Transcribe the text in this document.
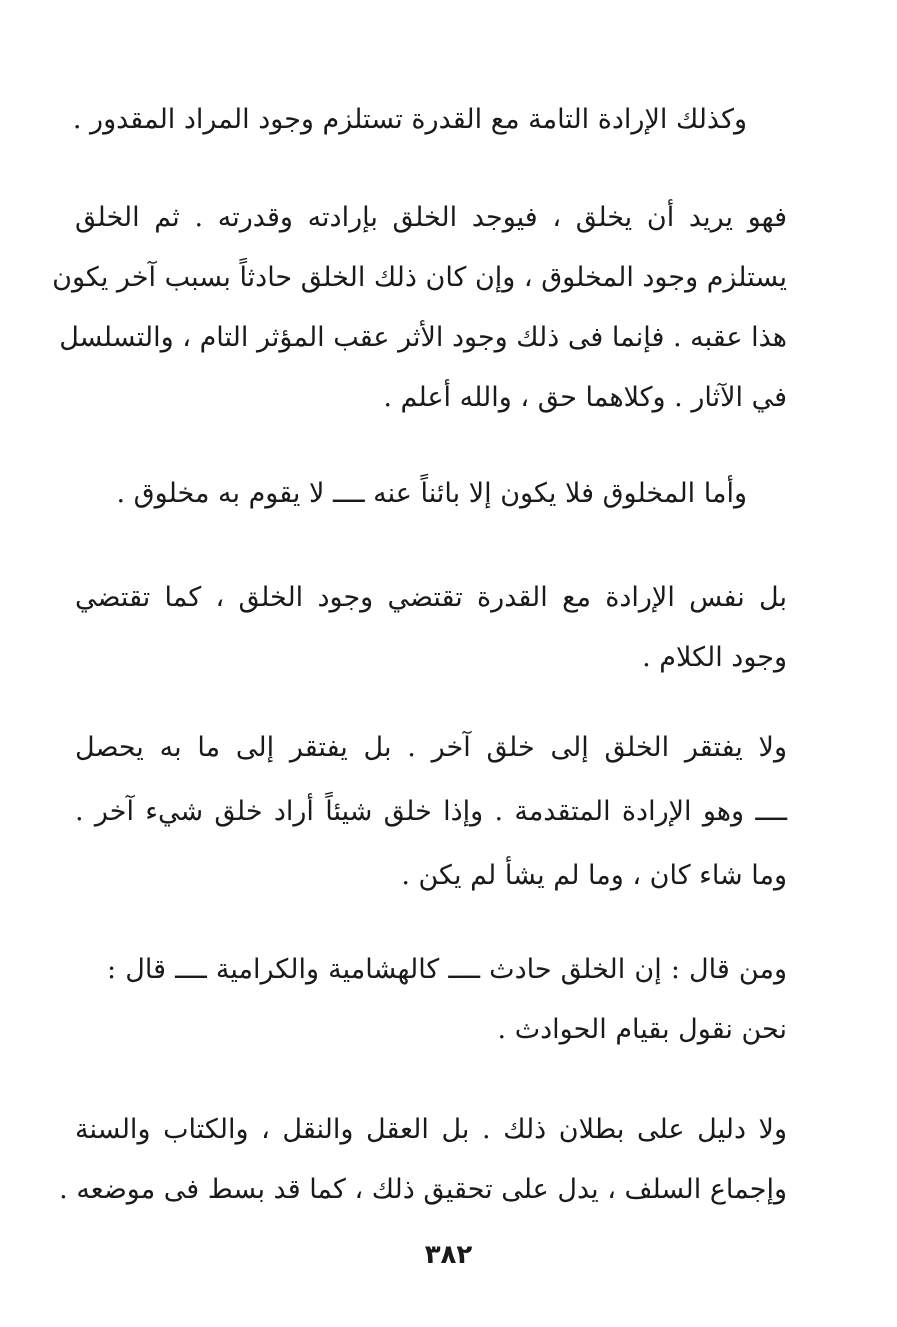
وكذلك الإرادة التامة مع القدرة تستلزم وجود المراد المقدور .
فهو يريد أن يخلق ، فيوجد الخلق بإرادته وقدرته . ثم الخلق
يستلزم وجود المخلوق ، وإن كان ذلك الخلق حادثاً بسبب آخر يكون
هذا عقبه . فإنما فى ذلك وجود الأثر عقب المؤثر التام ، والتسلسل
في الآثار . وكلاهما حق ، والله أعلم .
وأما المخلوق فلا يكون إلا بائناً عنه ــــ لا يقوم به مخلوق .
بل نفس الإرادة مع القدرة تقتضي وجود الخلق ، كما تقتضي
وجود الكلام .
ولا يفتقر الخلق إلى خلق آخر . بل يفتقر إلى ما به يحصل
ــــ وهو الإرادة المتقدمة . وإذا خلق شيئاً أراد خلق شيء آخر .
وما شاء كان ، وما لم يشأ لم يكن .
ومن قال : إن الخلق حادث ــــ كالهشامية والكرامية ــــ قال :
نحن نقول بقيام الحوادث .
ولا دليل على بطلان ذلك . بل العقل والنقل ، والكتاب والسنة
وإجماع السلف ، يدل على تحقيق ذلك ، كما قد بسط فى موضعه .
٣٨٢
